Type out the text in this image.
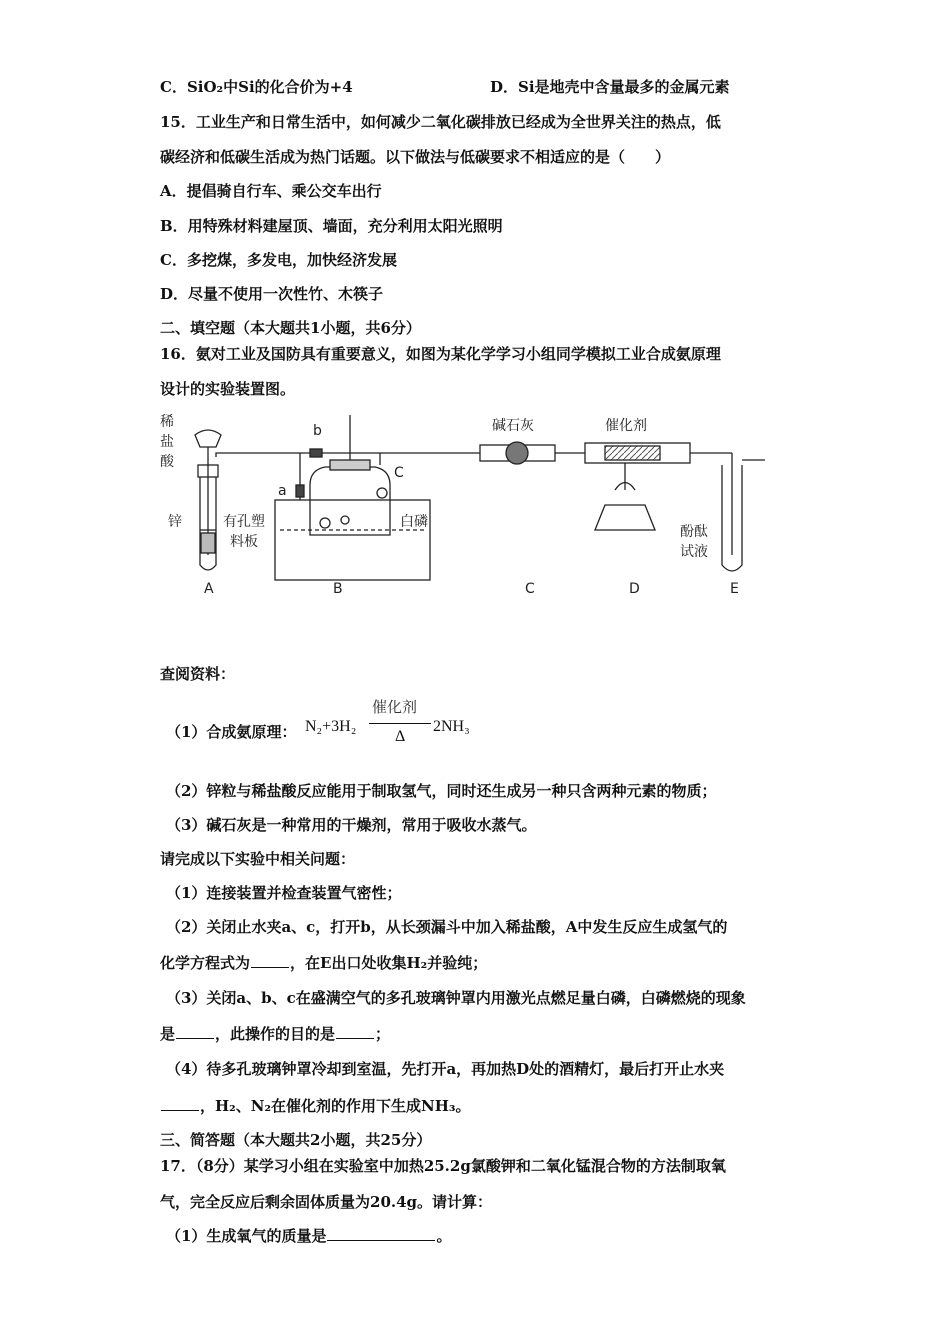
C．SiO₂中Si的化合价为+4	D．Si是地壳中含量最多的金属元素
15．工业生产和日常生活中，如何减少二氧化碳排放已经成为全世界关注的热点，低
碳经济和低碳生活成为热门话题。以下做法与低碳要求不相适应的是（　　）
A．提倡骑自行车、乘公交车出行
B．用特殊材料建屋顶、墙面，充分利用太阳光照明
C．多挖煤，多发电，加快经济发展
D．尽量不使用一次性竹、木筷子
二、填空题（本大题共1小题，共6分）
16．氨对工业及国防具有重要意义，如图为某化学学习小组同学模拟工业合成氨原理
设计的实验装置图。
稀
盐
酸
锌	有孔塑
料板
b
a
C
白磷
碱石灰	催化剂
酚酞
试液
A	B	C	D	E
查阅资料：
（1）合成氨原理： N₂+3H₂
催化剂
Δ
2NH₃
（2）锌粒与稀盐酸反应能用于制取氢气，同时还生成另一种只含两种元素的物质；
（3）碱石灰是一种常用的干燥剂，常用于吸收水蒸气。
请完成以下实验中相关问题：
（1）连接装置并检查装置气密性；
（2）关闭止水夹a、c，打开b，从长颈漏斗中加入稀盐酸，A中发生反应生成氢气的
化学方程式为	，在E出口处收集H₂并验纯；
（3）关闭a、b、c在盛满空气的多孔玻璃钟罩内用激光点燃足量白磷，白磷燃烧的现象
是	，此操作的目的是	；
（4）待多孔玻璃钟罩冷却到室温，先打开a，再加热D处的酒精灯，最后打开止水夹
，H₂、N₂在催化剂的作用下生成NH₃。
三、简答题（本大题共2小题，共25分）
17．（8分）某学习小组在实验室中加热25.2g氯酸钾和二氧化锰混合物的方法制取氧
气，完全反应后剩余固体质量为20.4g。请计算：
（1）生成氧气的质量是	。
